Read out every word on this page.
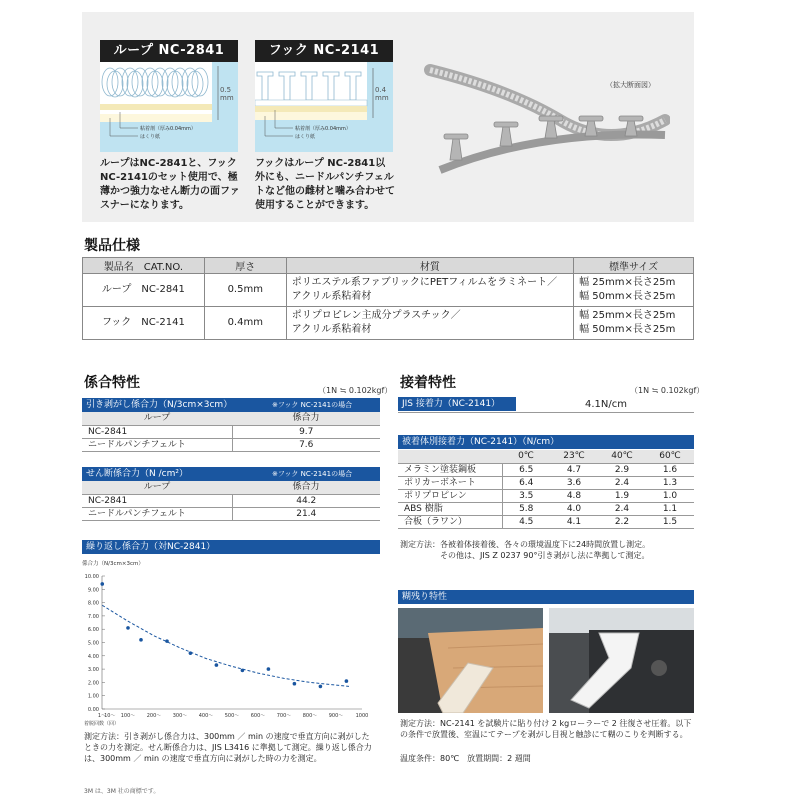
ループ NC-2841
0.5
mm
粘着剤（厚み0.04mm）
はくり紙
フック NC-2141
0.4
mm
粘着剤（厚み0.04mm）
はくり紙
ループはNC-2841と、フックNC-2141のセット使用で、極薄かつ強力なせん断力の面ファスナーになります。
フックはループ NC-2841以外にも、ニードルパンチフェルトなど他の雌材と噛み合わせて使用することができます。
（拡大断面図）
製品仕様
製品名　CAT.NO.	厚さ	材質	標準サイズ
ループ　NC-2841	0.5mm	ポリエステル系ファブリックにPETフィルムをラミネート／
アクリル系粘着材	幅 25mm×長さ25m
幅 50mm×長さ25m
フック　NC-2141	0.4mm	ポリプロピレン主成分プラスチック／
アクリル系粘着材	幅 25mm×長さ25m
幅 50mm×長さ25m
係合特性	（1N ≒ 0.102kgf）
引き剥がし係合力（N/3cm×3cm）	※フック NC-2141の場合
ループ	係合力
NC-2841	9.7
ニードルパンチフェルト	7.6
せん断係合力（N /cm²）	※フック NC-2141の場合
ループ	係合力
NC-2841	44.2
ニードルパンチフェルト	21.4
繰り返し係合力（対NC-2841）
係合力（N/3cm×3cm）
0.00
1.00
2.00
3.00
4.00
5.00
6.00
7.00
8.00
9.00
10.00
1〜
10〜 100〜 200〜 300〜 400〜 500〜 600〜 700〜 800〜 900〜 1000
着脱回数（回）
測定方法：引き剥がし係合力は、300mm ／ min の速度で垂直方向に剥がしたときの力を測定。せん断係合力は、JIS L3416 に準拠して測定。繰り返し係合力は、300mm ／ min の速度で垂直方向に剥がした時の力を測定。
3M は、3M 社の商標です。
接着特性	（1N ≒ 0.102kgf）
JIS 接着力（NC-2141）	4.1N/cm
被着体別接着力（NC-2141）（N/cm）
	0℃	23℃	40℃	60℃
メラミン塗装鋼板	6.5	4.7	2.9	1.6
ポリカーボネート	6.4	3.6	2.4	1.3
ポリプロピレン	3.5	4.8	1.9	1.0
ABS 樹脂	5.8	4.0	2.4	1.1
合板（ラワン）	4.5	4.1	2.2	1.5
測定方法：各被着体接着後、各々の環境温度下に24時間放置し測定。
その他は、JIS Z 0237 90°引き剥がし法に準拠して測定。
糊残り特性
測定方法：NC-2141 を試験片に貼り付け 2 kgローラーで 2 往復させ圧着。以下の条件で放置後、室温にてテープを剥がし目視と触診にて糊のこりを判断する。
温度条件：80℃　放置期間：2 週間
